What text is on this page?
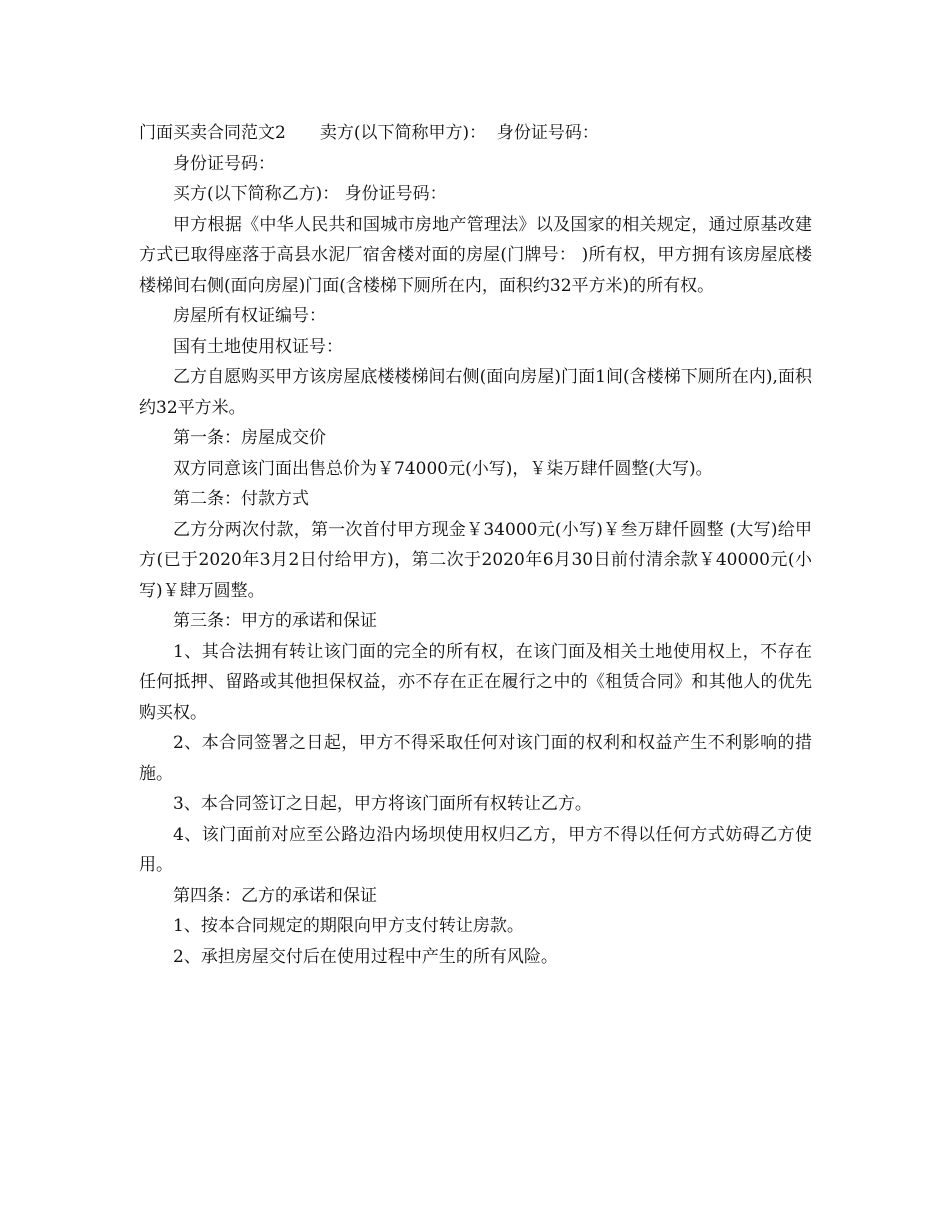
门面买卖合同范文2　　卖方(以下简称甲方)：  身份证号码：

身份证号码：

买方(以下简称乙方)： 身份证号码：

甲方根据《中华人民共和国城市房地产管理法》以及国家的相关规定，通过原基改建方式已取得座落于高县水泥厂宿舍楼对面的房屋(门牌号： )所有权，甲方拥有该房屋底楼楼梯间右侧(面向房屋)门面(含楼梯下厕所在内，面积约32平方米)的所有权。

房屋所有权证编号：

国有土地使用权证号：

乙方自愿购买甲方该房屋底楼楼梯间右侧(面向房屋)门面1间(含楼梯下厕所在内),面积约32平方米。

第一条：房屋成交价

双方同意该门面出售总价为￥74000元(小写)，￥柒万肆仟圆整(大写)。

第二条：付款方式

乙方分两次付款，第一次首付甲方现金￥34000元(小写)￥叁万肆仟圆整 (大写)给甲方(已于2020年3月2日付给甲方)，第二次于2020年6月30日前付清余款￥40000元(小写)￥肆万圆整。

第三条：甲方的承诺和保证

1、其合法拥有转让该门面的完全的所有权，在该门面及相关土地使用权上，不存在任何抵押、留路或其他担保权益，亦不存在正在履行之中的《租赁合同》和其他人的优先购买权。

2、本合同签署之日起，甲方不得采取任何对该门面的权利和权益产生不利影响的措施。

3、本合同签订之日起，甲方将该门面所有权转让乙方。

4、该门面前对应至公路边沿内场坝使用权归乙方，甲方不得以任何方式妨碍乙方使用。

第四条：乙方的承诺和保证

1、按本合同规定的期限向甲方支付转让房款。

2、承担房屋交付后在使用过程中产生的所有风险。
